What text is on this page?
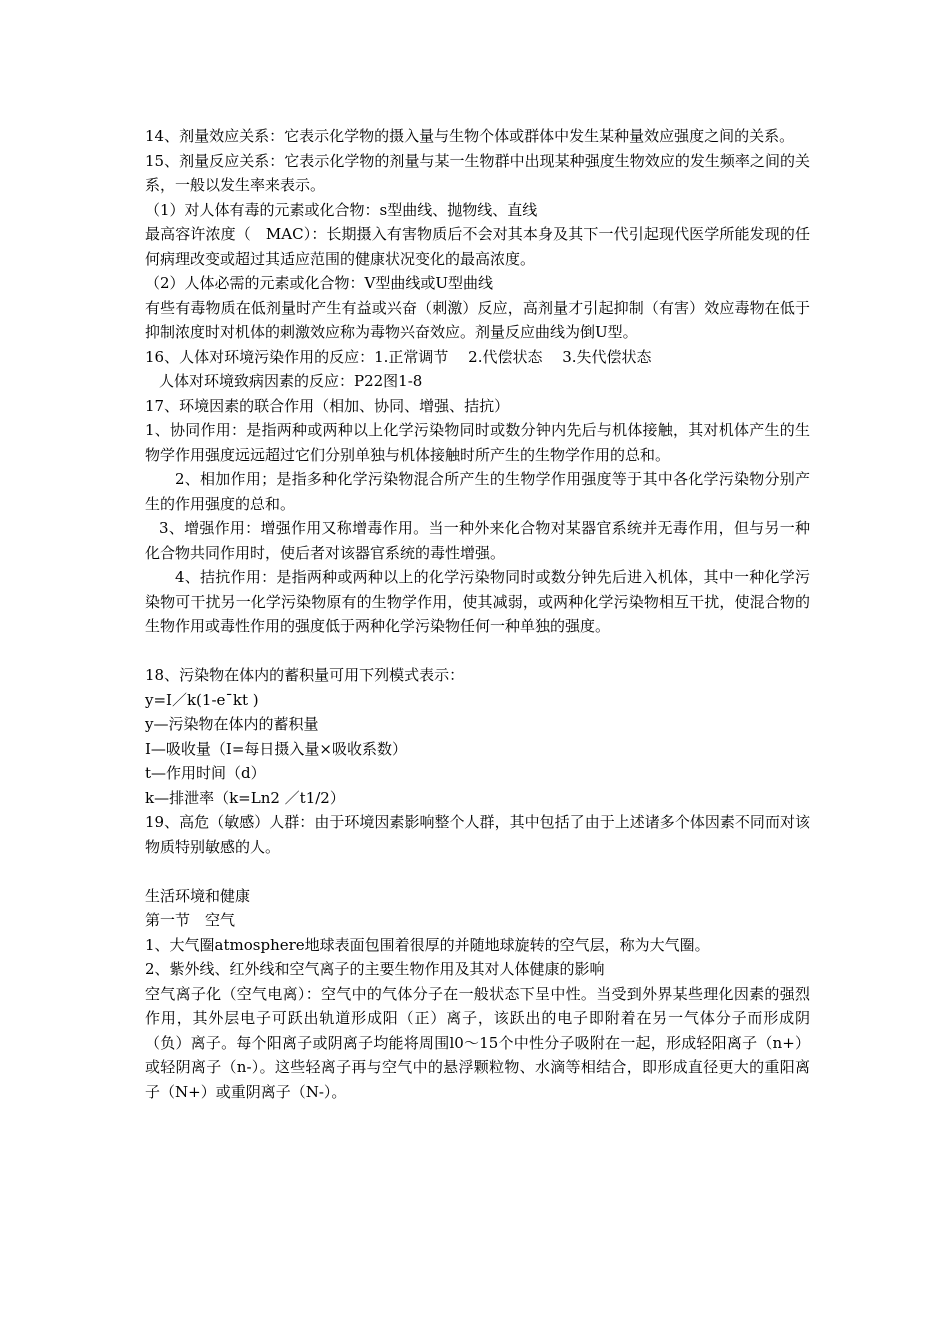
14、剂量效应关系：它表示化学物的摄入量与生物个体或群体中发生某种量效应强度之间的关系。

15、剂量反应关系：它表示化学物的剂量与某一生物群中出现某种强度生物效应的发生频率之间的关系，一般以发生率来表示。

（1）对人体有毒的元素或化合物：s型曲线、抛物线、直线

最高容许浓度（　MAC）：长期摄入有害物质后不会对其本身及其下一代引起现代医学所能发现的任何病理改变或超过其适应范围的健康状况变化的最高浓度。

（2）人体必需的元素或化合物：V型曲线或U型曲线

有些有毒物质在低剂量时产生有益或兴奋（刺激）反应，高剂量才引起抑制（有害）效应毒物在低于抑制浓度时对机体的刺激效应称为毒物兴奋效应。剂量反应曲线为倒U型。

16、人体对环境污染作用的反应：1.正常调节　 2.代偿状态　 3.失代偿状态

人体对环境致病因素的反应：P22图1-8

17、环境因素的联合作用（相加、协同、增强、拮抗）

1、协同作用：是指两种或两种以上化学污染物同时或数分钟内先后与机体接触，其对机体产生的生物学作用强度远远超过它们分别单独与机体接触时所产生的生物学作用的总和。

2、相加作用；是指多种化学污染物混合所产生的生物学作用强度等于其中各化学污染物分别产生的作用强度的总和。

3、增强作用：增强作用又称增毒作用。当一种外来化合物对某器官系统并无毒作用，但与另一种化合物共同作用时，使后者对该器官系统的毒性增强。

4、拮抗作用：是指两种或两种以上的化学污染物同时或数分钟先后进入机体，其中一种化学污染物可干扰另一化学污染物原有的生物学作用，使其减弱，或两种化学污染物相互干扰，使混合物的生物作用或毒性作用的强度低于两种化学污染物任何一种单独的强度。

18、污染物在体内的蓄积量可用下列模式表示：

y=I／k(1-e¯kt )

y—污染物在体内的蓄积量

I—吸收量（I=每日摄入量×吸收系数）

t—作用时间（d）

k—排泄率（k=Ln2 ／t1/2）

19、高危（敏感）人群：由于环境因素影响整个人群，其中包括了由于上述诸多个体因素不同而对该物质特别敏感的人。

生活环境和健康

第一节　空气

1、大气圈atmosphere地球表面包围着很厚的并随地球旋转的空气层，称为大气圈。

2、紫外线、红外线和空气离子的主要生物作用及其对人体健康的影响

空气离子化（空气电离）：空气中的气体分子在一般状态下呈中性。当受到外界某些理化因素的强烈作用，其外层电子可跃出轨道形成阳（正）离子，该跃出的电子即附着在另一气体分子而形成阴（负）离子。每个阳离子或阴离子均能将周围l0～15个中性分子吸附在一起，形成轻阳离子（n+）或轻阴离子（n-）。这些轻离子再与空气中的悬浮颗粒物、水滴等相结合，即形成直径更大的重阳离子（N+）或重阴离子（N-）。
